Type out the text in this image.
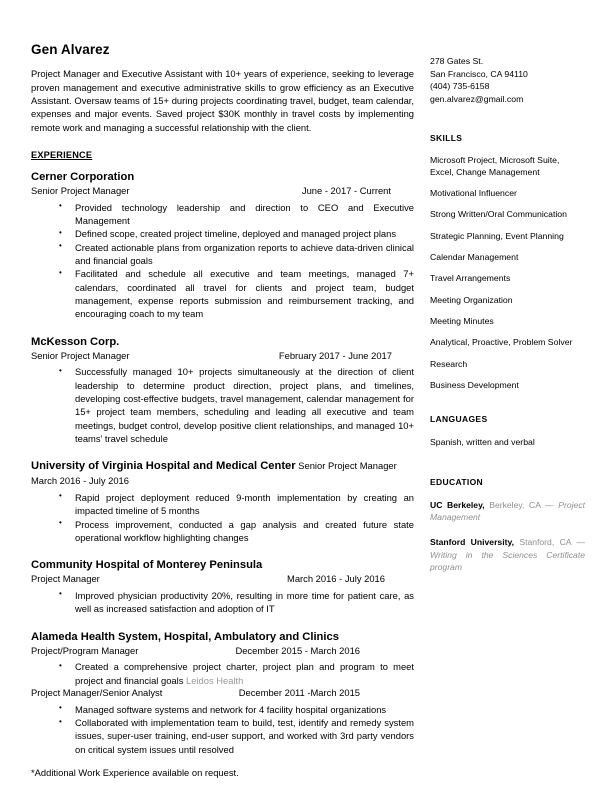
Gen Alvarez

Project Manager and Executive Assistant with 10+ years of experience, seeking to leverage proven management and executive administrative skills to grow efficiency as an Executive Assistant. Oversaw teams of 15+ during projects coordinating travel, budget, team calendar, expenses and major events. Saved project $30K monthly in travel costs by implementing remote work and managing a successful relationship with the client.

EXPERIENCE
Cerner Corporation
Senior Project Manager	June - 2017 - Current
• Provided technology leadership and direction to CEO and Executive Management
• Defined scope, created project timeline, deployed and managed project plans
• Created actionable plans from organization reports to achieve data-driven clinical and financial goals
• Facilitated and schedule all executive and team meetings, managed 7+ calendars, coordinated all travel for clients and project team, budget management, expense reports submission and reimbursement tracking, and encouraging coach to my team
McKesson Corp.
Senior Project Manager	February 2017 - June 2017
• Successfully managed 10+ projects simultaneously at the direction of client leadership to determine product direction, project plans, and timelines, developing cost-effective budgets, travel management, calendar management for 15+ project team members, scheduling and leading all executive and team meetings, budget control, develop positive client relationships, and managed 10+ teams’ travel schedule
University of Virginia Hospital and Medical Center Senior Project Manager
March 2016 - July 2016
• Rapid project deployment reduced 9-month implementation by creating an impacted timeline of 5 months
• Process improvement, conducted a gap analysis and created future state operational workflow highlighting changes
Community Hospital of Monterey Peninsula
Project Manager	March 2016 - July 2016
• Improved physician productivity 20%, resulting in more time for patient care, as well as increased satisfaction and adoption of IT
Alameda Health System, Hospital, Ambulatory and Clinics
Project/Program Manager	December 2015 - March 2016
• Created a comprehensive project charter, project plan and program to meet project and financial goals Leidos Health
Project Manager/Senior Analyst	December 2011 -March 2015
• Managed software systems and network for 4 facility hospital organizations
• Collaborated with implementation team to build, test, identify and remedy system issues, super-user training, end-user support, and worked with 3rd party vendors on critical system issues until resolved
*Additional Work Experience available on request.
278 Gates St.
San Francisco, CA 94110
(404) 735-6158
gen.alvarez@gmail.com
SKILLS
Microsoft Project, Microsoft Suite, Excel, Change Management
Motivational Influencer
Strong Written/Oral Communication
Strategic Planning, Event Planning
Calendar Management
Travel Arrangements
Meeting Organization
Meeting Minutes
Analytical, Proactive, Problem Solver
Research
Business Development
LANGUAGES
Spanish, written and verbal
EDUCATION
UC Berkeley, Berkeley, CA — Project Management
Stanford University, Stanford, CA — Writing in the Sciences Certificate program
